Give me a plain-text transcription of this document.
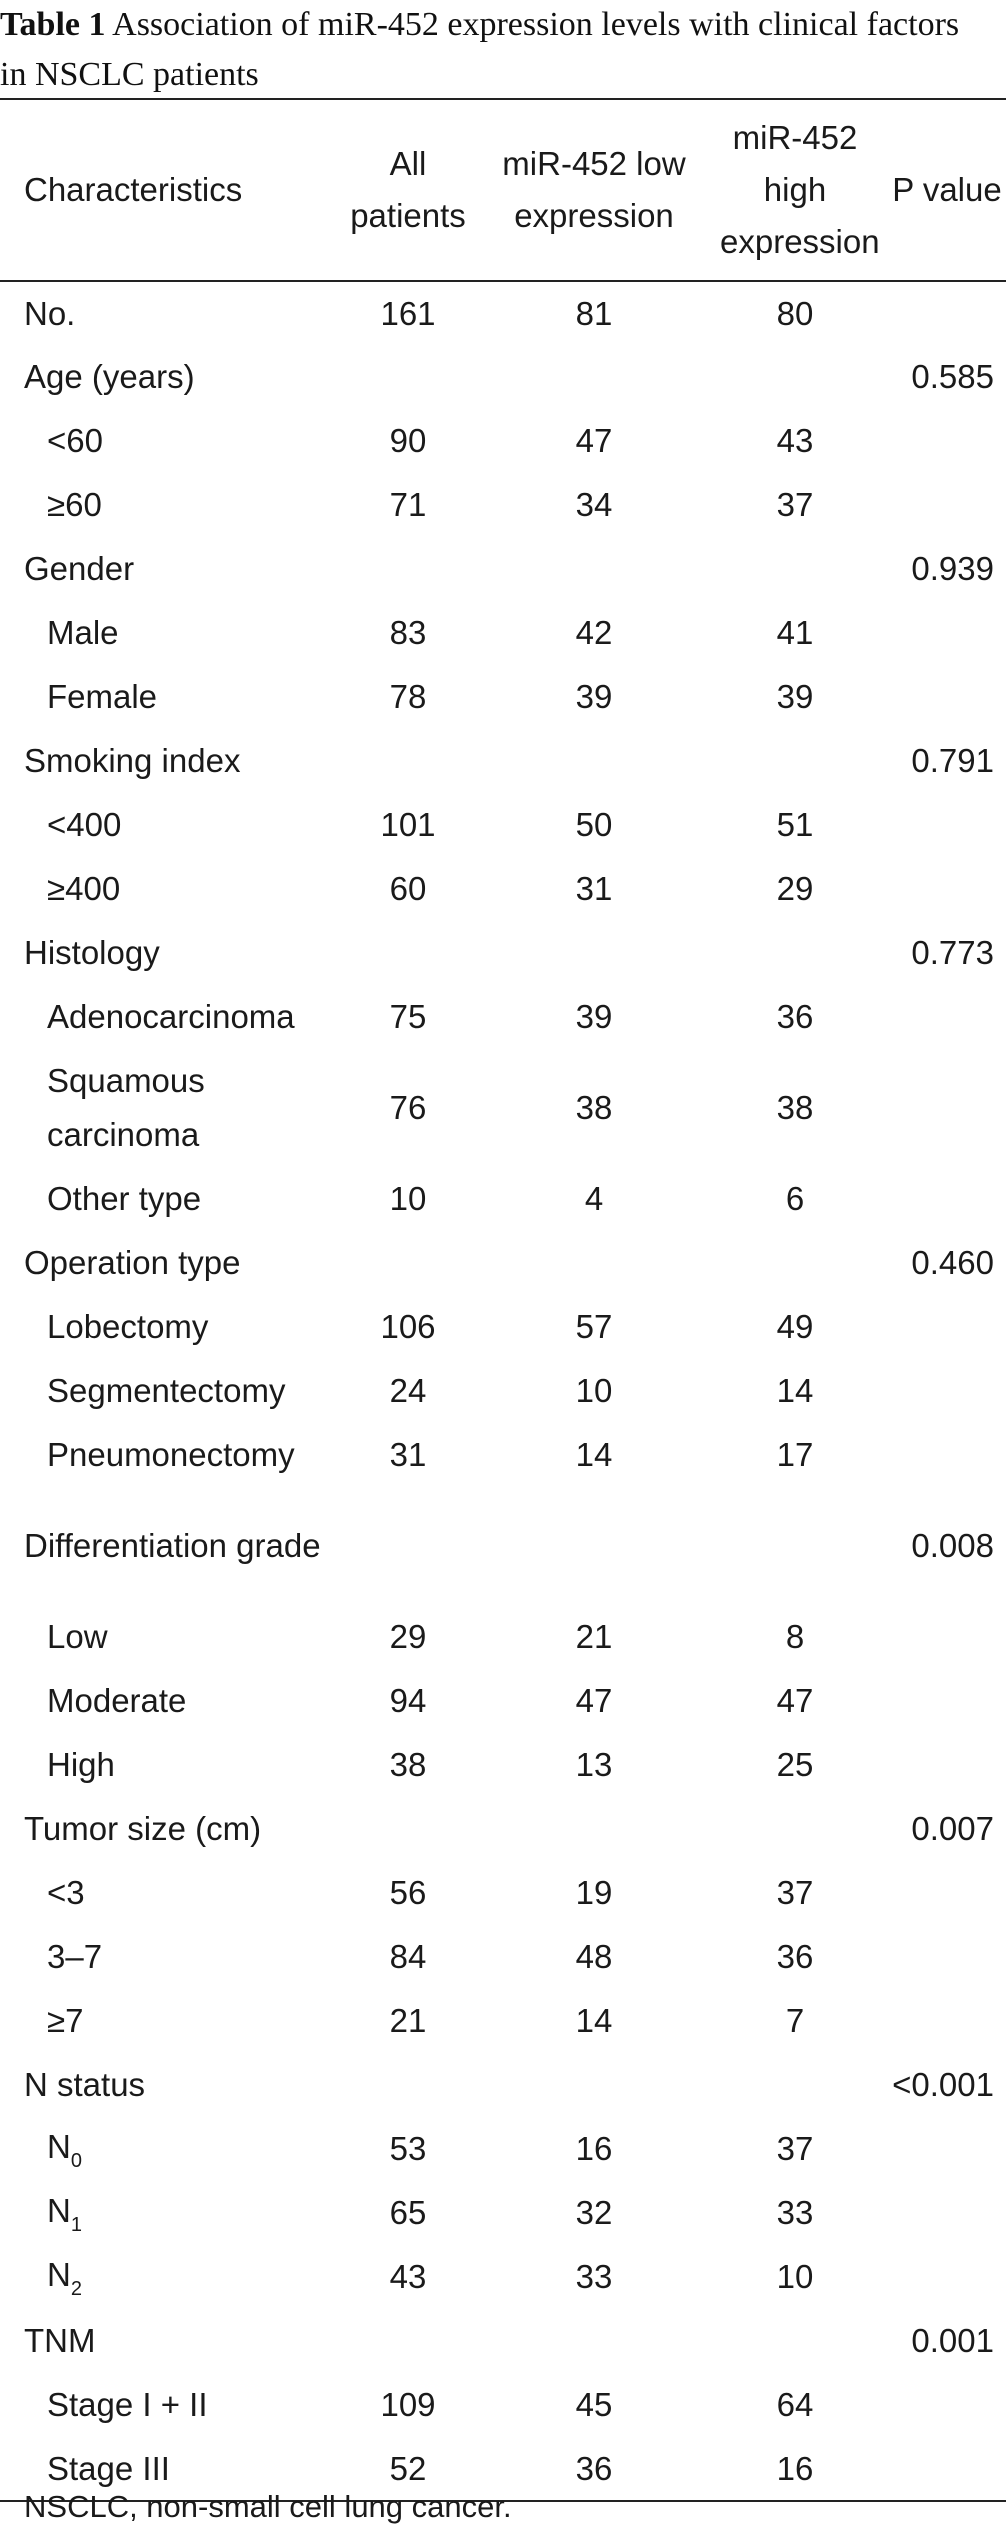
Table 1 Association of miR-452 expression levels with clinical factors in NSCLC patients
Characteristics	All patients	miR-452 low expression	miR-452 high expression	P value
No.	161	81	80	
Age (years)				0.585
<60	90	47	43	
≥60	71	34	37	
Gender				0.939
Male	83	42	41	
Female	78	39	39	
Smoking index				0.791
<400	101	50	51	
≥400	60	31	29	
Histology				0.773
Adenocarcinoma	75	39	36	
Squamous carcinoma	76	38	38	
Other type	10	4	6	
Operation type				0.460
Lobectomy	106	57	49	
Segmentectomy	24	10	14	
Pneumonectomy	31	14	17	
Differentiation grade				0.008
Low	29	21	8	
Moderate	94	47	47	
High	38	13	25	
Tumor size (cm)				0.007
<3	56	19	37	
3–7	84	48	36	
≥7	21	14	7	
N status				<0.001
$N_0$	53	16	37	
$N_1$	65	32	33	
$N_2$	43	33	10	
TNM				0.001
Stage I + II	109	45	64	
Stage III	52	36	16	
NSCLC, non-small cell lung cancer.
